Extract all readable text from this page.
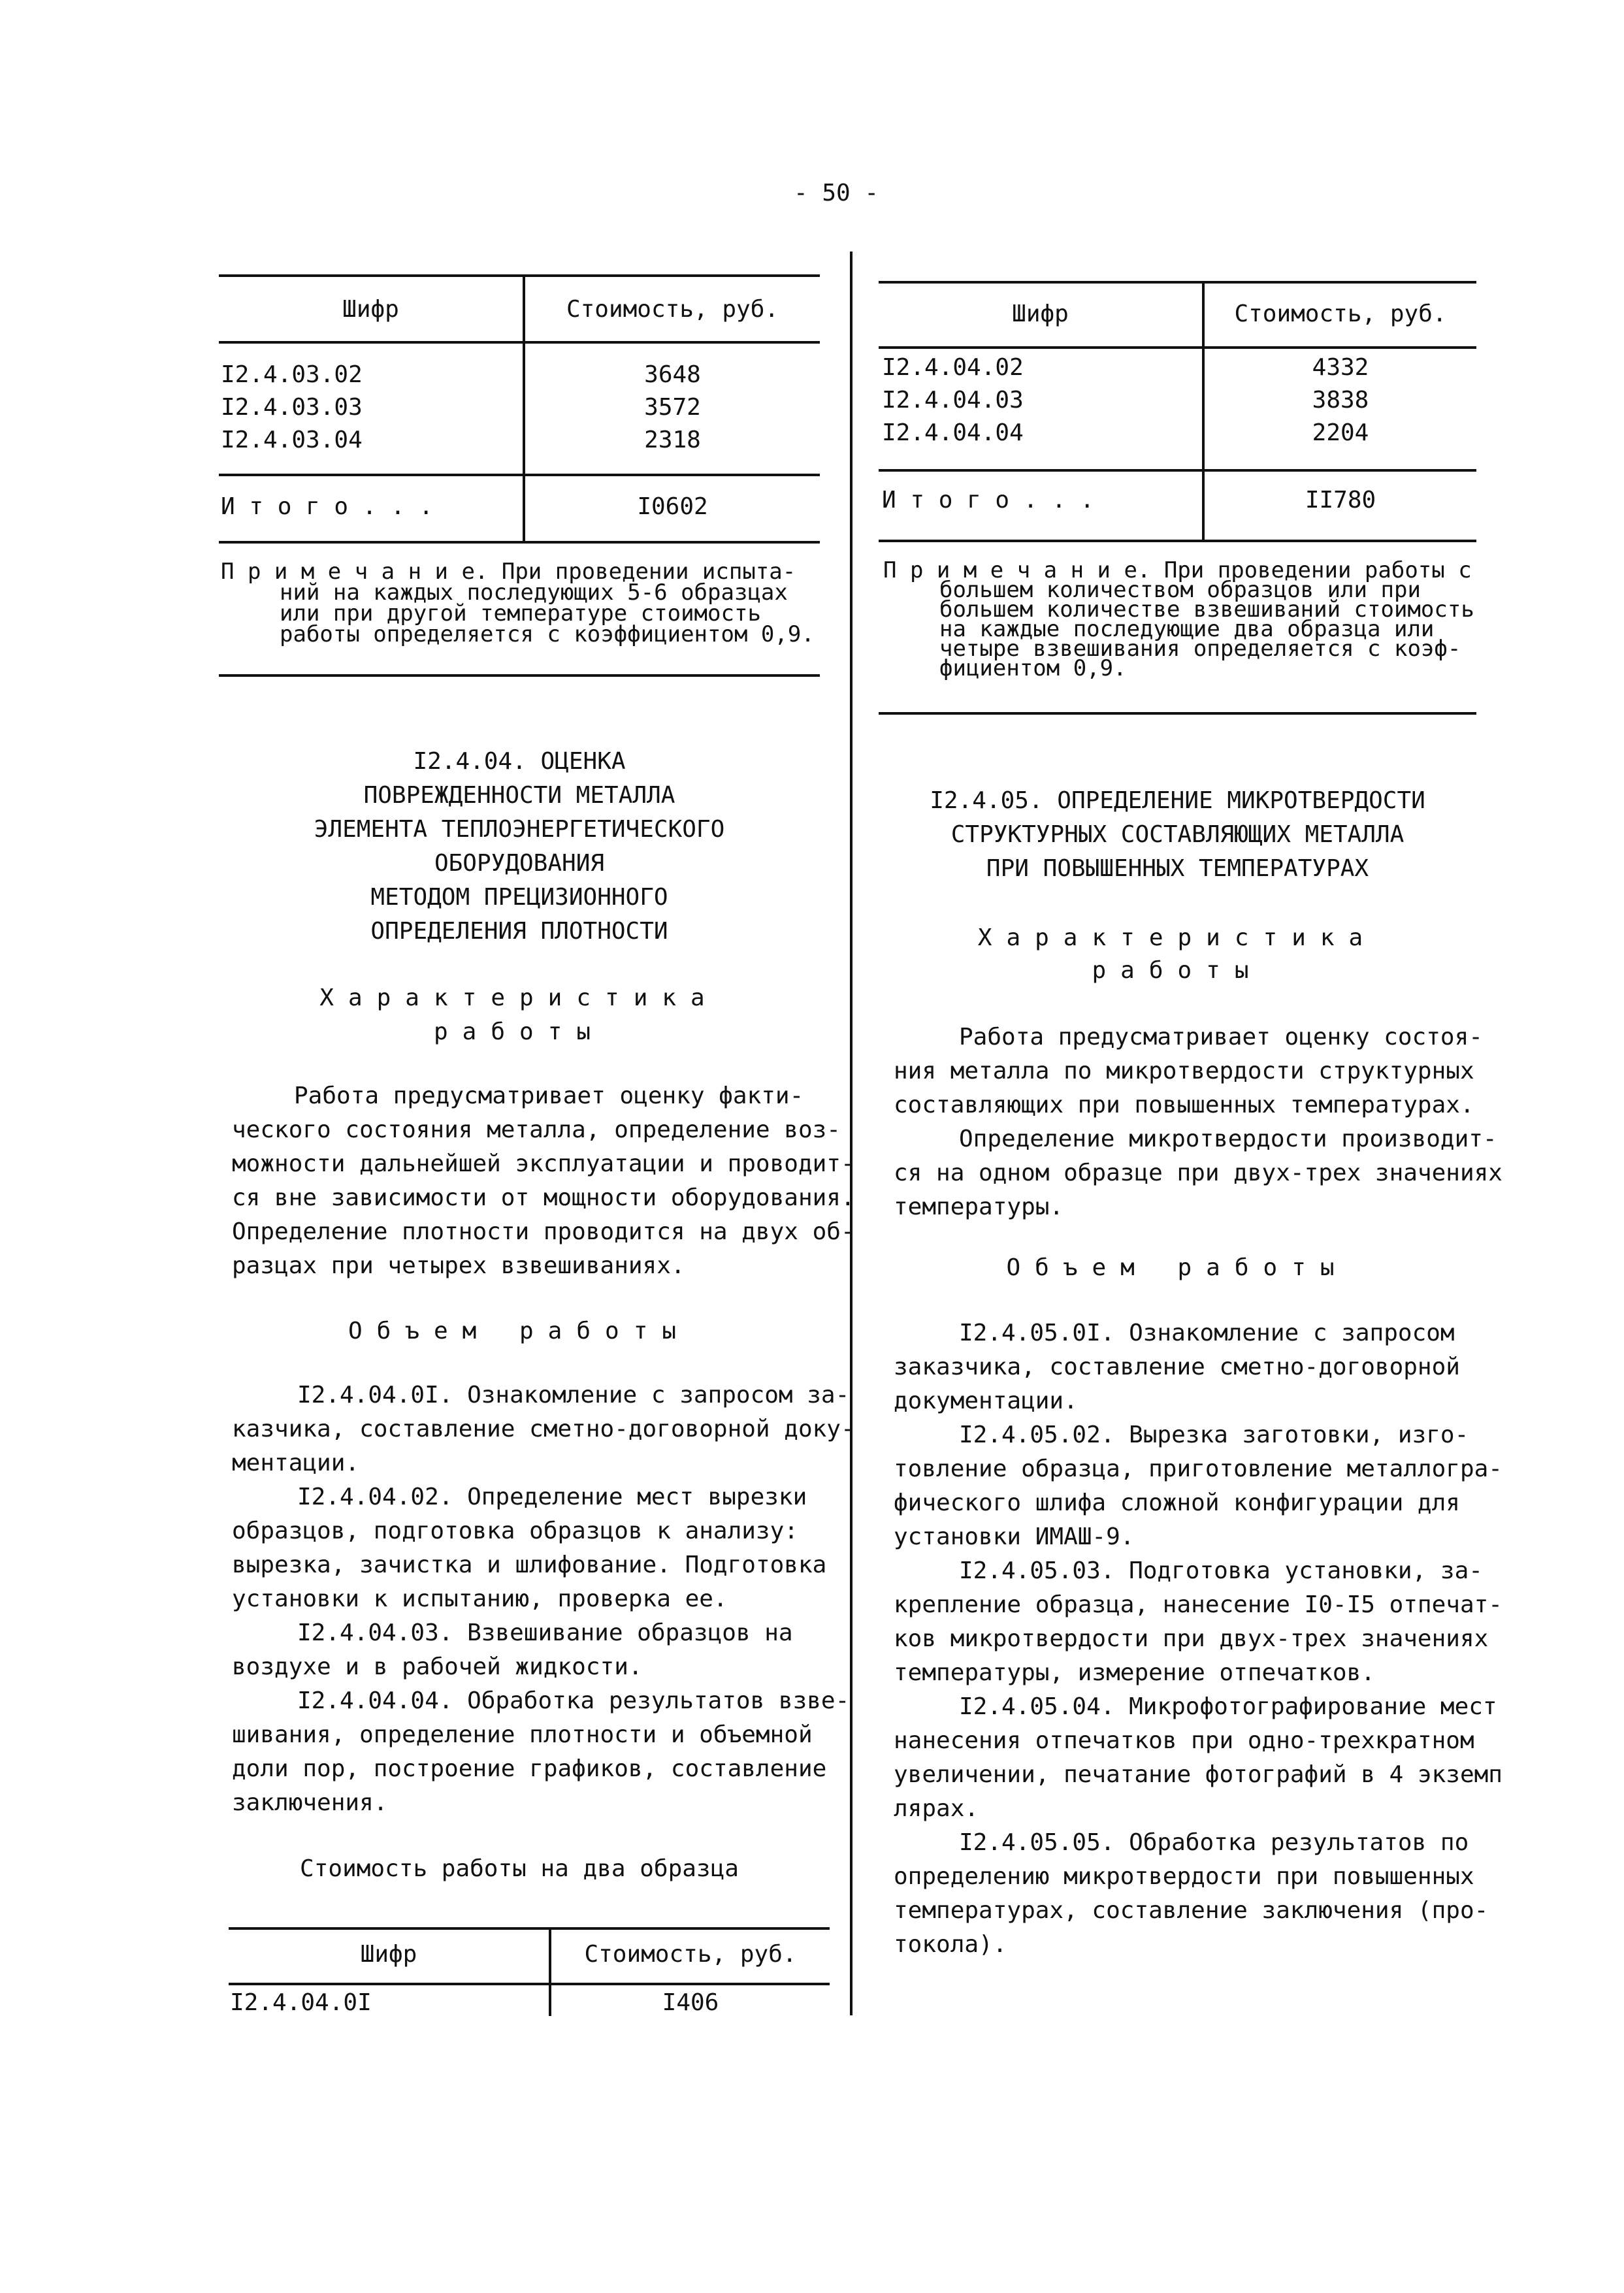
- 50 -
Шифр	Стоимость, руб.
I2.4.03.02	3648
I2.4.03.03	3572
I2.4.03.04	2318
И т о г о . . .	I0602
П р и м е ч а н и е. При проведении испыта-
ний на каждых последующих 5-6 образцах
или при другой температуре стоимость
работы определяется с коэффициентом 0,9.
I2.4.04. ОЦЕНКА
ПОВРЕЖДЕННОСТИ МЕТАЛЛА
ЭЛЕМЕНТА ТЕПЛОЭНЕРГЕТИЧЕСКОГО
ОБОРУДОВАНИЯ
МЕТОДОМ ПРЕЦИЗИОННОГО
ОПРЕДЕЛЕНИЯ ПЛОТНОСТИ
Характеристика
работы
Работа предусматривает оценку факти-
ческого состояния металла, определение воз-
можности дальнейшей эксплуатации и проводит-
ся вне зависимости от мощности оборудования.
Определение плотности проводится на двух об-
разцах при четырех взвешиваниях.
Объем работы
I2.4.04.0I. Ознакомление с запросом за-
казчика, составление сметно-договорной доку-
ментации.
I2.4.04.02. Определение мест вырезки
образцов, подготовка образцов к анализу:
вырезка, зачистка и шлифование. Подготовка
установки к испытанию, проверка ее.
I2.4.04.03. Взвешивание образцов на
воздухе и в рабочей жидкости.
I2.4.04.04. Обработка результатов взве-
шивания, определение плотности и объемной
доли пор, построение графиков, составление
заключения.
Стоимость работы на два образца
Шифр	Стоимость, руб.
I2.4.04.0I	I406
Шифр	Стоимость, руб.
I2.4.04.02	4332
I2.4.04.03	3838
I2.4.04.04	2204
И т о г о . . .	II780
П р и м е ч а н и е. При проведении работы с
большем количеством образцов или при
большем количестве взвешиваний стоимость
на каждые последующие два образца или
четыре взвешивания определяется с коэф-
фициентом 0,9.
I2.4.05. ОПРЕДЕЛЕНИЕ МИКРОТВЕРДОСТИ
СТРУКТУРНЫХ СОСТАВЛЯЮЩИХ МЕТАЛЛА
ПРИ ПОВЫШЕННЫХ ТЕМПЕРАТУРАХ
Характеристика
работы
Работа предусматривает оценку состоя-
ния металла по микротвердости структурных
составляющих при повышенных температурах.
Определение микротвердости производит-
ся на одном образце при двух-трех значениях
температуры.
Объем работы
I2.4.05.0I. Ознакомление с запросом
заказчика, составление сметно-договорной
документации.
I2.4.05.02. Вырезка заготовки, изго-
товление образца, приготовление металлогра-
фического шлифа сложной конфигурации для
установки ИМАШ-9.
I2.4.05.03. Подготовка установки, за-
крепление образца, нанесение I0-I5 отпечат-
ков микротвердости при двух-трех значениях
температуры, измерение отпечатков.
I2.4.05.04. Микрофотографирование мест
нанесения отпечатков при одно-трехкратном
увеличении, печатание фотографий в 4 экземп
лярах.
I2.4.05.05. Обработка результатов по
определению микротвердости при повышенных
температурах, составление заключения (про-
токола).
